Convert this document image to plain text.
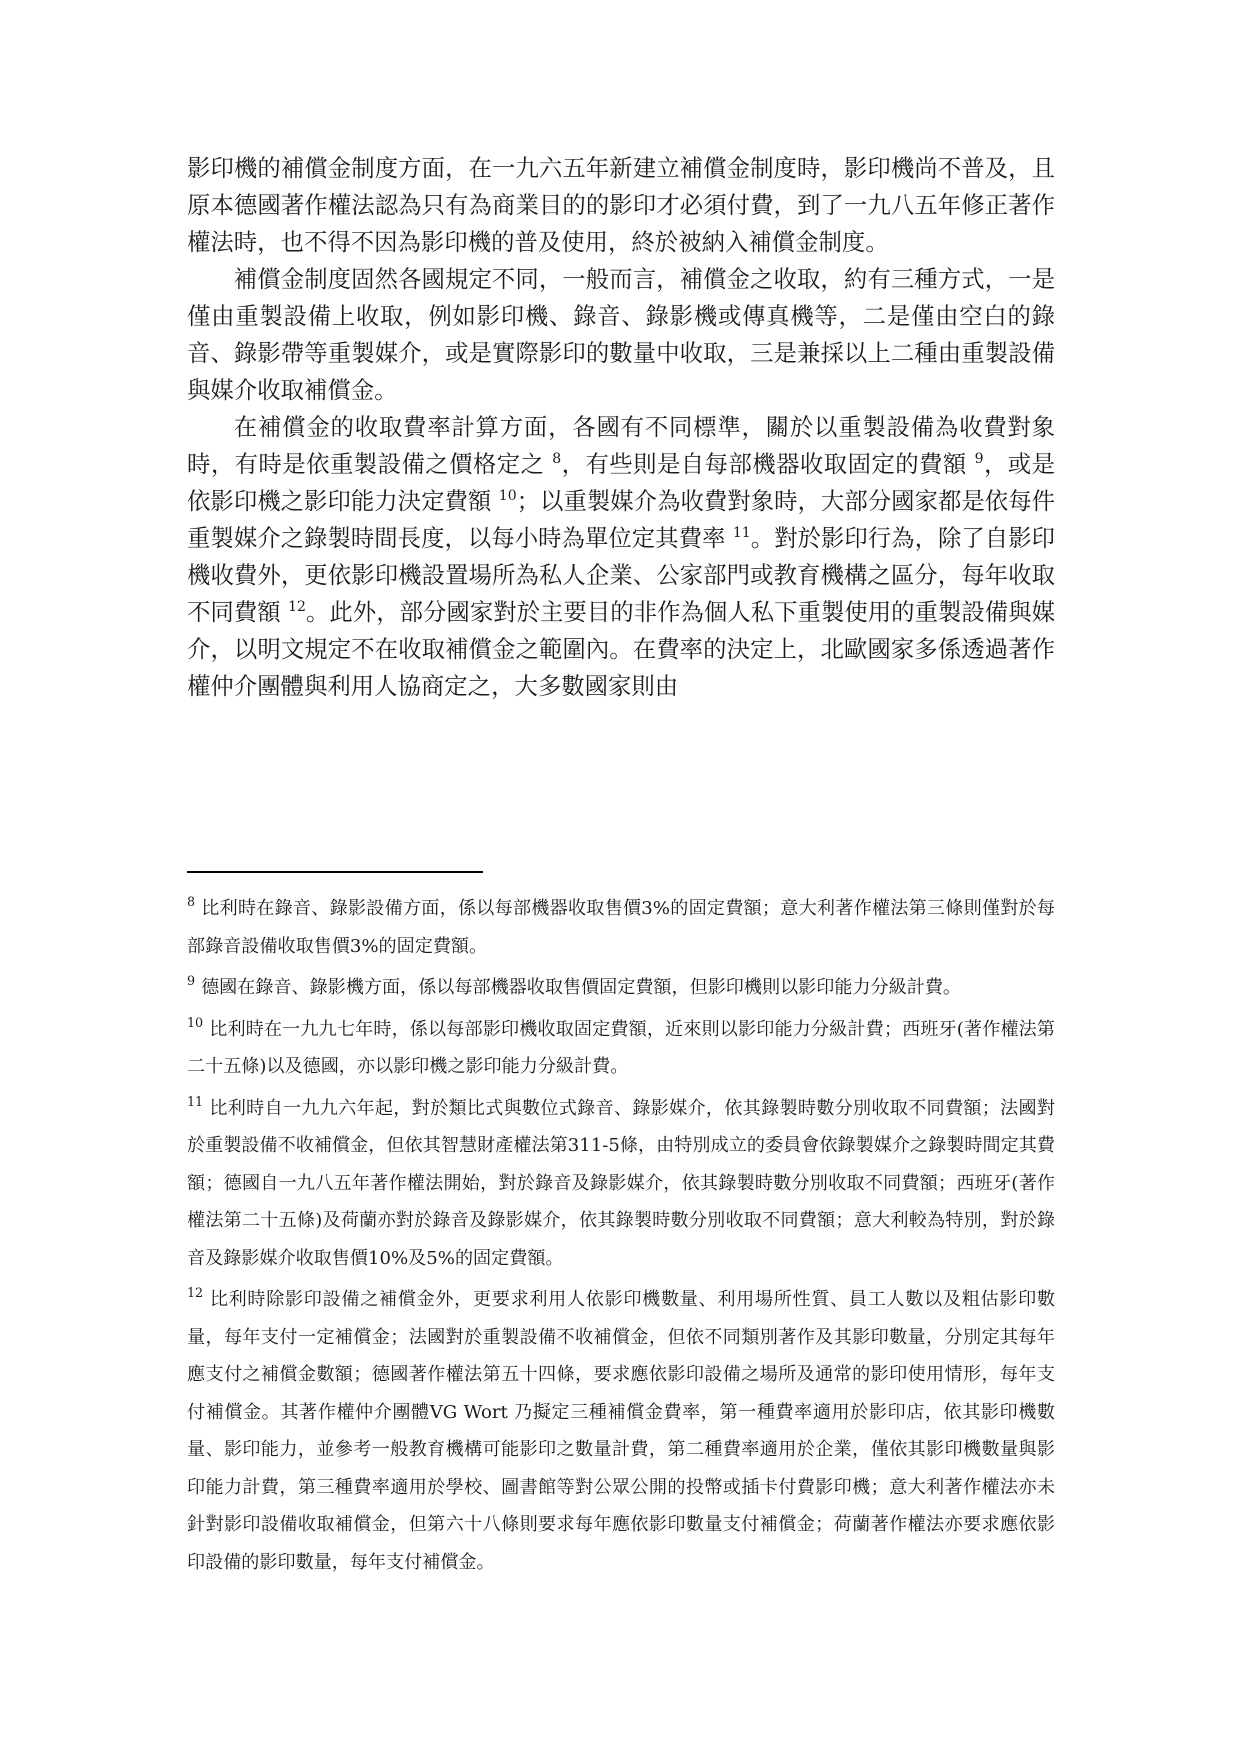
影印機的補償金制度方面，在一九六五年新建立補償金制度時，影印機尚不普及，且原本德國著作權法認為只有為商業目的的影印才必須付費，到了一九八五年修正著作權法時，也不得不因為影印機的普及使用，終於被納入補償金制度。

補償金制度固然各國規定不同，一般而言，補償金之收取，約有三種方式，一是僅由重製設備上收取，例如影印機、錄音、錄影機或傳真機等，二是僅由空白的錄音、錄影帶等重製媒介，或是實際影印的數量中收取，三是兼採以上二種由重製設備與媒介收取補償金。

在補償金的收取費率計算方面，各國有不同標準，關於以重製設備為收費對象時，有時是依重製設備之價格定之 $^8$，有些則是自每部機器收取固定的費額 $^9$，或是依影印機之影印能力決定費額 $^{10}$；以重製媒介為收費對象時，大部分國家都是依每件重製媒介之錄製時間長度，以每小時為單位定其費率 $^{11}$。對於影印行為，除了自影印機收費外，更依影印機設置場所為私人企業、公家部門或教育機構之區分，每年收取不同費額 $^{12}$。此外，部分國家對於主要目的非作為個人私下重製使用的重製設備與媒介，以明文規定不在收取補償金之範圍內。在費率的決定上，北歐國家多係透過著作權仲介團體與利用人協商定之，大多數國家則由

$^8$ 比利時在錄音、錄影設備方面，係以每部機器收取售價3%的固定費額；意大利著作權法第三條則僅對於每部錄音設備收取售價3%的固定費額。

$^9$ 德國在錄音、錄影機方面，係以每部機器收取售價固定費額，但影印機則以影印能力分級計費。

$^{10}$ 比利時在一九九七年時，係以每部影印機收取固定費額，近來則以影印能力分級計費；西班牙(著作權法第二十五條)以及德國，亦以影印機之影印能力分級計費。

$^{11}$ 比利時自一九九六年起，對於類比式與數位式錄音、錄影媒介，依其錄製時數分別收取不同費額；法國對於重製設備不收補償金，但依其智慧財產權法第311-5條，由特別成立的委員會依錄製媒介之錄製時間定其費額；德國自一九八五年著作權法開始，對於錄音及錄影媒介，依其錄製時數分別收取不同費額；西班牙(著作權法第二十五條)及荷蘭亦對於錄音及錄影媒介，依其錄製時數分別收取不同費額；意大利較為特別，對於錄音及錄影媒介收取售價10%及5%的固定費額。

$^{12}$ 比利時除影印設備之補償金外，更要求利用人依影印機數量、利用場所性質、員工人數以及粗估影印數量，每年支付一定補償金；法國對於重製設備不收補償金，但依不同類別著作及其影印數量，分別定其每年應支付之補償金數額；德國著作權法第五十四條，要求應依影印設備之場所及通常的影印使用情形，每年支付補償金。其著作權仲介團體VG Wort 乃擬定三種補償金費率，第一種費率適用於影印店，依其影印機數量、影印能力，並參考一般教育機構可能影印之數量計費，第二種費率適用於企業，僅依其影印機數量與影印能力計費，第三種費率適用於學校、圖書館等對公眾公開的投幣或插卡付費影印機；意大利著作權法亦未針對影印設備收取補償金，但第六十八條則要求每年應依影印數量支付補償金；荷蘭著作權法亦要求應依影印設備的影印數量，每年支付補償金。
